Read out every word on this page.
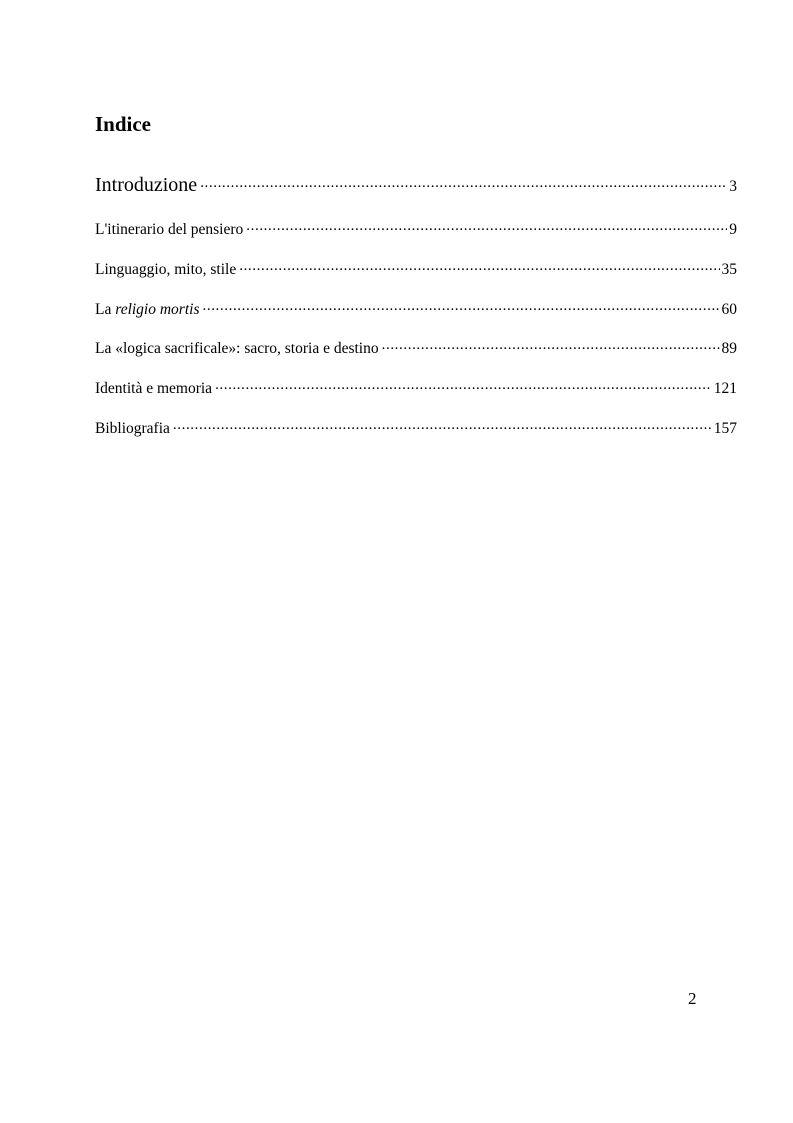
Indice
Introduzione .....	3
L'itinerario del pensiero .....	9
Linguaggio, mito, stile .....	35
La religio mortis .....	60
La «logica sacrificale»: sacro, storia e destino .....	89
Identità e memoria .....	121
Bibliografia .....	157
2
